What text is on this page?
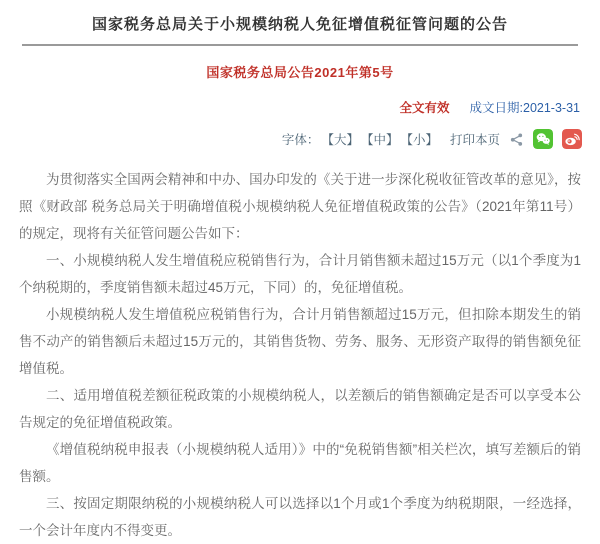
国家税务总局关于小规模纳税人免征增值税征管问题的公告
国家税务总局公告2021年第5号
全文有效 成文日期:2021-3-31
字体： 【大】 【中】 【小】 打印本页

为贯彻落实全国两会精神和中办、国办印发的《关于进一步深化税收征管改革的意见》，按照《财政部 税务总局关于明确增值税小规模纳税人免征增值税政策的公告》（2021年第11号）的规定，现将有关征管问题公告如下：

一、小规模纳税人发生增值税应税销售行为，合计月销售额未超过15万元（以1个季度为1个纳税期的，季度销售额未超过45万元，下同）的，免征增值税。

小规模纳税人发生增值税应税销售行为，合计月销售额超过15万元，但扣除本期发生的销售不动产的销售额后未超过15万元的，其销售货物、劳务、服务、无形资产取得的销售额免征增值税。

二、适用增值税差额征税政策的小规模纳税人，以差额后的销售额确定是否可以享受本公告规定的免征增值税政策。

《增值税纳税申报表（小规模纳税人适用）》中的“免税销售额”相关栏次，填写差额后的销售额。

三、按固定期限纳税的小规模纳税人可以选择以1个月或1个季度为纳税期限，一经选择，一个会计年度内不得变更。
